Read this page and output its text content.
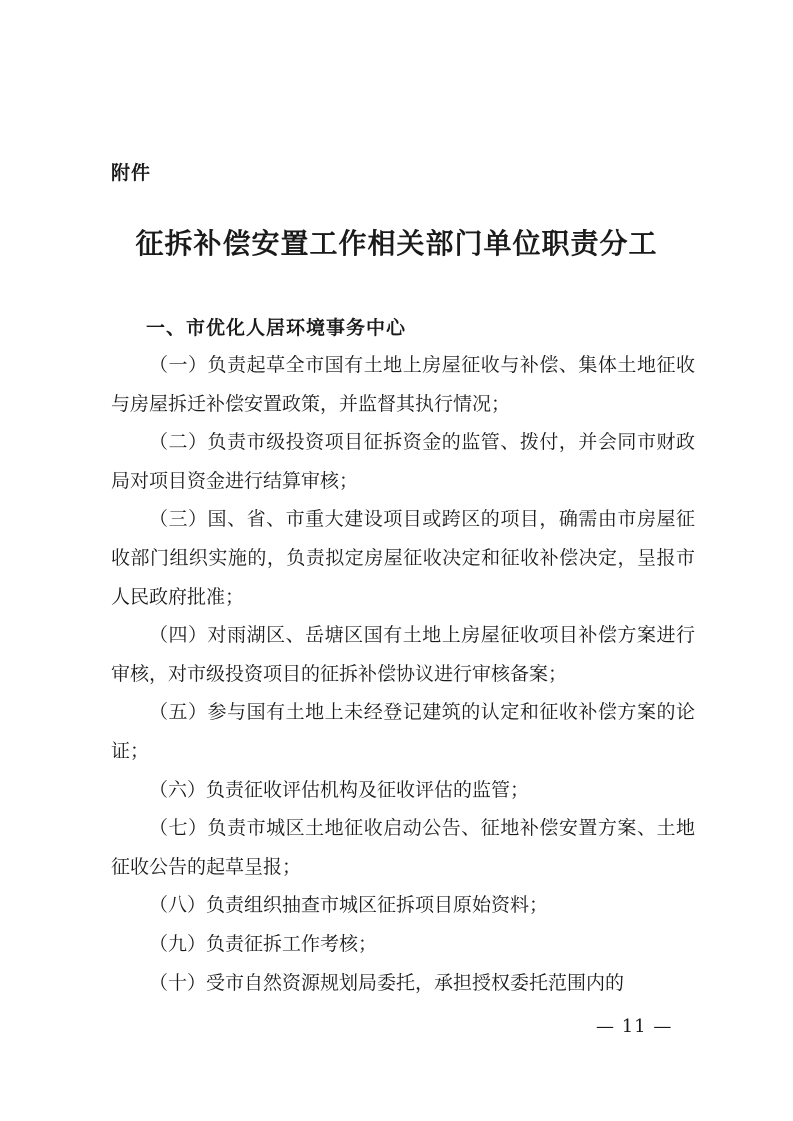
附件
征拆补偿安置工作相关部门单位职责分工
一、市优化人居环境事务中心

（一）负责起草全市国有土地上房屋征收与补偿、集体土地征收与房屋拆迁补偿安置政策，并监督其执行情况；

（二）负责市级投资项目征拆资金的监管、拨付，并会同市财政局对项目资金进行结算审核；

（三）国、省、市重大建设项目或跨区的项目，确需由市房屋征收部门组织实施的，负责拟定房屋征收决定和征收补偿决定，呈报市人民政府批准；

（四）对雨湖区、岳塘区国有土地上房屋征收项目补偿方案进行审核，对市级投资项目的征拆补偿协议进行审核备案；

（五）参与国有土地上未经登记建筑的认定和征收补偿方案的论证；

（六）负责征收评估机构及征收评估的监管；

（七）负责市城区土地征收启动公告、征地补偿安置方案、土地征收公告的起草呈报；

（八）负责组织抽查市城区征拆项目原始资料；

（九）负责征拆工作考核；

（十）受市自然资源规划局委托，承担授权委托范围内的

— 11 —
